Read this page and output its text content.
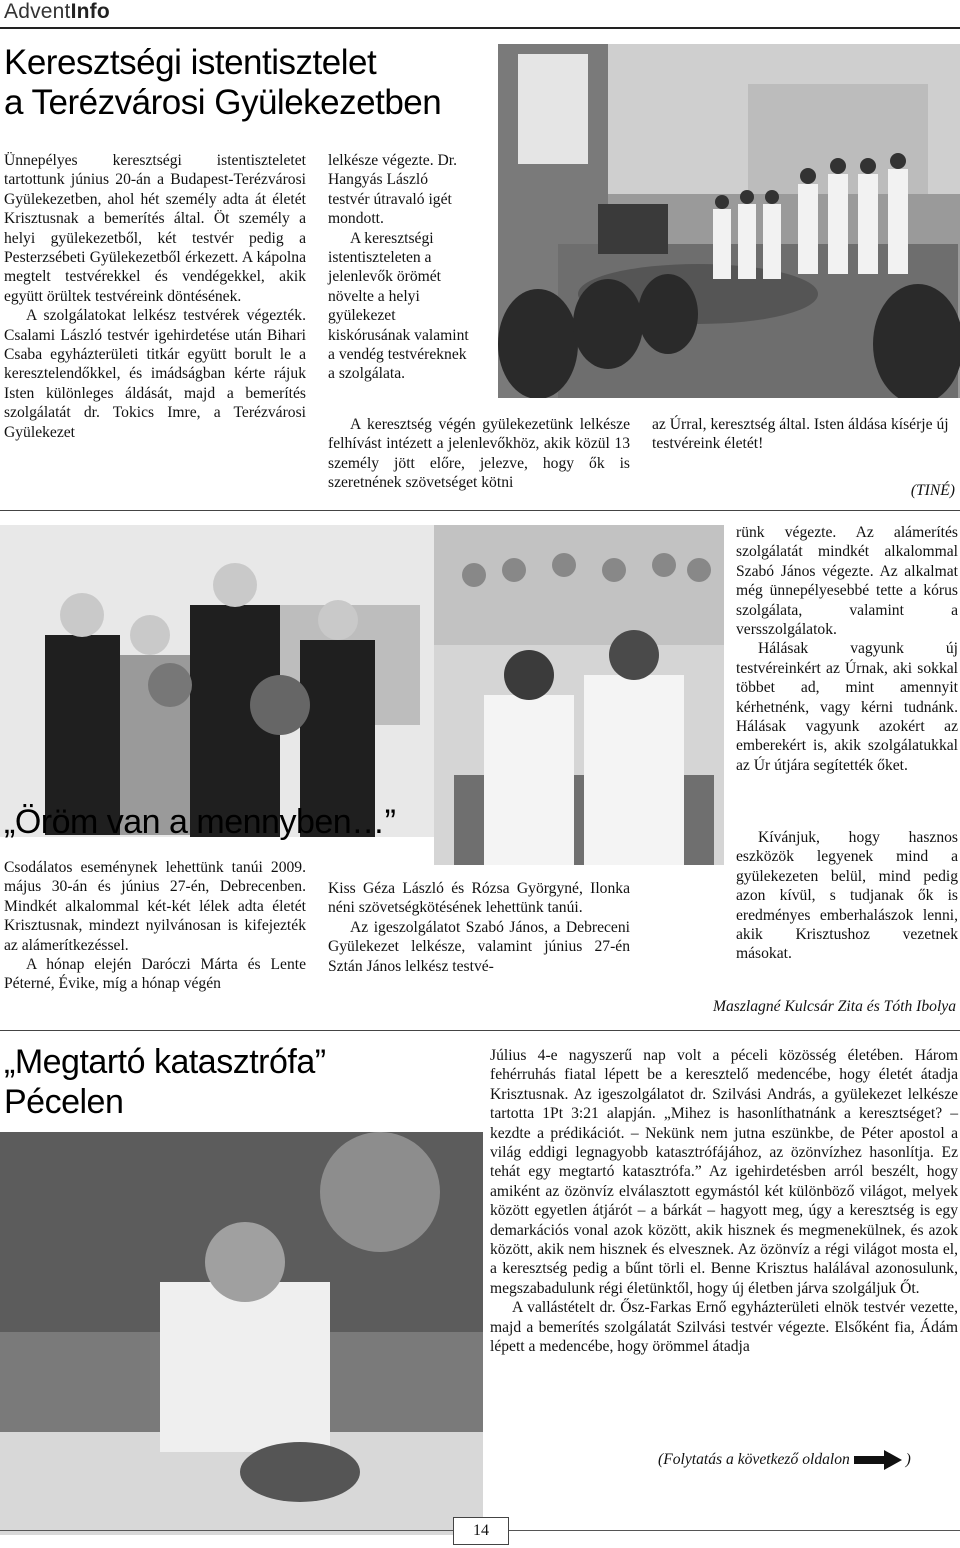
AdventInfo
Keresztségi istentisztelet
a Terézvárosi Gyülekezetben

Ünnepélyes keresztségi istentiszteletet tartottunk június 20-án a Budapest-Terézvárosi Gyülekezetben, ahol hét személy adta át életét Krisztusnak a bemerítés által. Öt személy a helyi gyülekezetből, két testvér pedig a Pesterzsébeti Gyülekezetből érkezett. A kápolna megtelt testvérekkel és vendégekkel, akik együtt örültek testvéreink döntésének.

A szolgálatokat lelkész testvérek végezték. Csalami László testvér igehirdetése után Bihari Csaba egyházterületi titkár együtt borult le a keresztelendőkkel, és imádságban kérte rájuk Isten különleges áldását, majd a bemerítés szolgálatát dr. Tokics Imre, a Terézvárosi Gyülekezet

lelkésze végezte. Dr. Hangyás László testvér útravaló igét mondott.

A keresztségi istentiszteleten a jelenlevők örömét növelte a helyi gyülekezet kiskórusának valamint a vendég testvéreknek a szolgálata.

A keresztség végén gyülekezetünk lelkésze felhívást intézett a jelenlevőkhöz, akik közül 13 személy jött előre, jelezve, hogy ők is szeretnének szövetséget kötni

az Úrral, keresztség által. Isten áldása kísérje új testvéreink életét!

(TINÉ)
„Öröm van a mennyben…”

Csodálatos eseménynek lehettünk tanúi 2009. május 30-án és június 27-én, Debrecenben. Mindkét alkalommal két-két lélek adta életét Krisztusnak, mindezt nyilvánosan is kifejezték az alámerítkezéssel.

A hónap elején Daróczi Márta és Lente Péterné, Évike, míg a hónap végén

Kiss Géza László és Rózsa Györgyné, Ilonka néni szövetségkötésének lehettünk tanúi.

Az igeszolgálatot Szabó János, a Debreceni Gyülekezet lelkésze, valamint június 27-én Sztán János lelkész testvé-

rünk végezte. Az alámerítés szolgálatát mindkét alkalommal Szabó János végezte. Az alkalmat még ünnepélyesebbé tette a kórus szolgálata, valamint a versszolgálatok.

Hálásak vagyunk új testvéreinkért az Úrnak, aki sokkal többet ad, mint amennyit kérhetnénk, vagy kérni tudnánk. Hálásak vagyunk azokért az emberekért is, akik szolgálatukkal az Úr útjára segítették őket.

Kívánjuk, hogy hasznos eszközök legyenek mind a gyülekezeten belül, mind pedig azon kívül, s tudjanak ők is eredményes emberhalászok lenni, akik Krisztushoz vezetnek másokat.

Maszlagné Kulcsár Zita és Tóth Ibolya
„Megtartó katasztrófa”
Pécelen

Július 4-e nagyszerű nap volt a péceli közösség életében. Három fehérruhás fiatal lépett be a keresztelő medencébe, hogy életét átadja Krisztusnak. Az igeszolgálatot dr. Szilvási András, a gyülekezet lelkésze tartotta 1Pt 3:21 alapján. „Mihez is hasonlíthatnánk a keresztséget? – kezdte a prédikációt. – Nekünk nem jutna eszünkbe, de Péter apostol a világ eddigi legnagyobb katasztrófájához, az özönvízhez hasonlítja. Ez tehát egy megtartó katasztrófa.” Az igehirdetésben arról beszélt, hogy amiként az özönvíz elválasztott egymástól két különböző világot, melyek között egyetlen átjárót – a bárkát – hagyott meg, úgy a keresztség is egy demarkációs vonal azok között, akik hisznek és megmenekülnek, és azok között, akik nem hisznek és elvesznek. Az özönvíz a régi világot mosta el, a keresztség pedig a bűnt törli el. Benne Krisztus halálával azonosulunk, megszabadulunk régi életünktől, hogy új életben járva szolgáljuk Őt.

A vallástételt dr. Ősz-Farkas Ernő egyházterületi elnök testvér vezette, majd a bemerítés szolgálatát Szilvási testvér végezte. Elsőként fia, Ádám lépett a medencébe, hogy örömmel átadja

(Folytatás a következő oldalon	)
14
